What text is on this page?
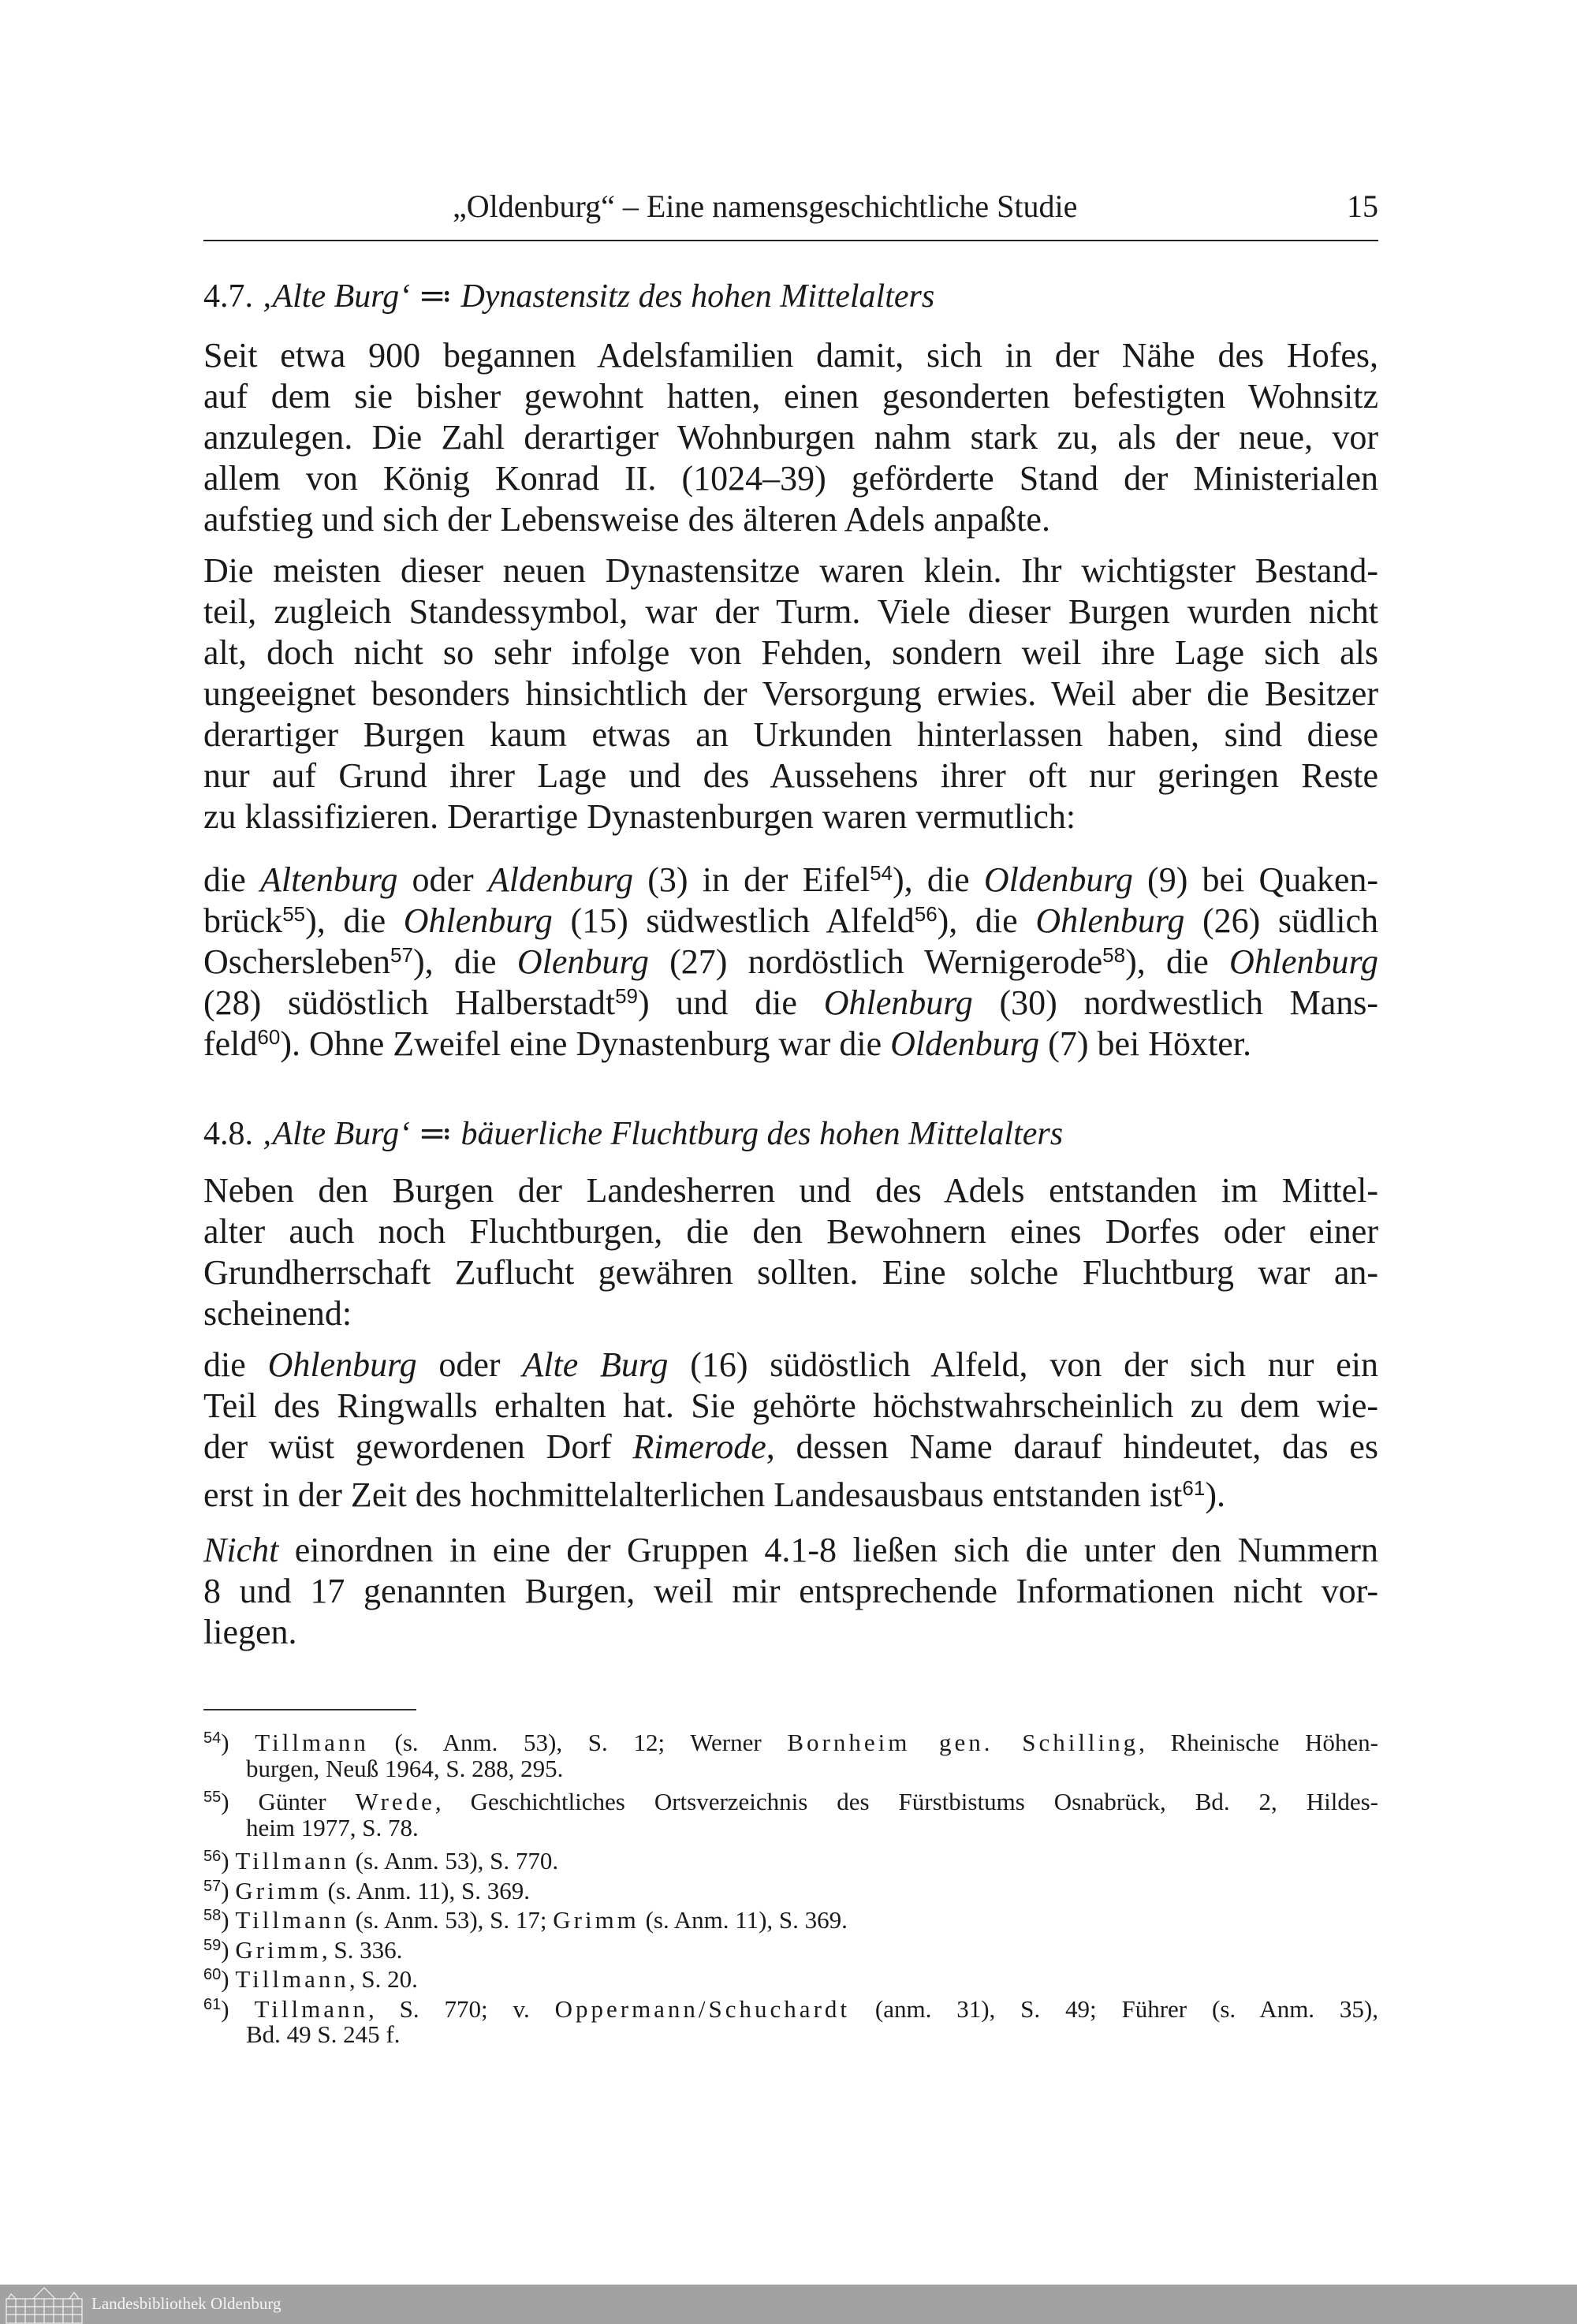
„Oldenburg“ – Eine namensgeschichtliche Studie	15
4.7. ‚Alte Burg‘ ≕ Dynastensitz des hohen Mittelalters
Seit etwa 900 begannen Adelsfamilien damit, sich in der Nähe des Hofes,
auf dem sie bisher gewohnt hatten, einen gesonderten befestigten Wohnsitz
anzulegen. Die Zahl derartiger Wohnburgen nahm stark zu, als der neue, vor
allem von König Konrad II. (1024–39) geförderte Stand der Ministerialen
aufstieg und sich der Lebensweise des älteren Adels anpaßte.
Die meisten dieser neuen Dynastensitze waren klein. Ihr wichtigster Bestand-
teil, zugleich Standessymbol, war der Turm. Viele dieser Burgen wurden nicht
alt, doch nicht so sehr infolge von Fehden, sondern weil ihre Lage sich als
ungeeignet besonders hinsichtlich der Versorgung erwies. Weil aber die Besitzer
derartiger Burgen kaum etwas an Urkunden hinterlassen haben, sind diese
nur auf Grund ihrer Lage und des Aussehens ihrer oft nur geringen Reste
zu klassifizieren. Derartige Dynastenburgen waren vermutlich:
die Altenburg oder Aldenburg (3) in der Eifel$^{54}$), die Oldenburg (9) bei Quaken-
brück$^{55}$), die Ohlenburg (15) südwestlich Alfeld$^{56}$), die Ohlenburg (26) südlich
Oschersleben$^{57}$), die Olenburg (27) nordöstlich Wernigerode$^{58}$), die Ohlenburg
(28) südöstlich Halberstadt$^{59}$) und die Ohlenburg (30) nordwestlich Mans-
feld$^{60}$). Ohne Zweifel eine Dynastenburg war die Oldenburg (7) bei Höxter.
4.8. ‚Alte Burg‘ ≕ bäuerliche Fluchtburg des hohen Mittelalters
Neben den Burgen der Landesherren und des Adels entstanden im Mittel-
alter auch noch Fluchtburgen, die den Bewohnern eines Dorfes oder einer
Grundherrschaft Zuflucht gewähren sollten. Eine solche Fluchtburg war an-
scheinend:
die Ohlenburg oder Alte Burg (16) südöstlich Alfeld, von der sich nur ein
Teil des Ringwalls erhalten hat. Sie gehörte höchstwahrscheinlich zu dem wie-
der wüst gewordenen Dorf Rimerode, dessen Name darauf hindeutet, das es
erst in der Zeit des hochmittelalterlichen Landesausbaus entstanden ist$^{61}$).
Nicht einordnen in eine der Gruppen 4.1-8 ließen sich die unter den Nummern
8 und 17 genannten Burgen, weil mir entsprechende Informationen nicht vor-
liegen.
$^{54}$) Tillmann (s. Anm. 53), S. 12; Werner Bornheim gen. Schilling, Rheinische Höhen-
burgen, Neuß 1964, S. 288, 295.
$^{55}$) Günter Wrede, Geschichtliches Ortsverzeichnis des Fürstbistums Osnabrück, Bd. 2, Hildes-
heim 1977, S. 78.
$^{56}$) Tillmann (s. Anm. 53), S. 770.
$^{57}$) Grimm (s. Anm. 11), S. 369.
$^{58}$) Tillmann (s. Anm. 53), S. 17; Grimm (s. Anm. 11), S. 369.
$^{59}$) Grimm, S. 336.
$^{60}$) Tillmann, S. 20.
$^{61}$) Tillmann, S. 770; v. Oppermann/Schuchardt (anm. 31), S. 49; Führer (s. Anm. 35),
Bd. 49 S. 245 f.
Landesbibliothek Oldenburg
